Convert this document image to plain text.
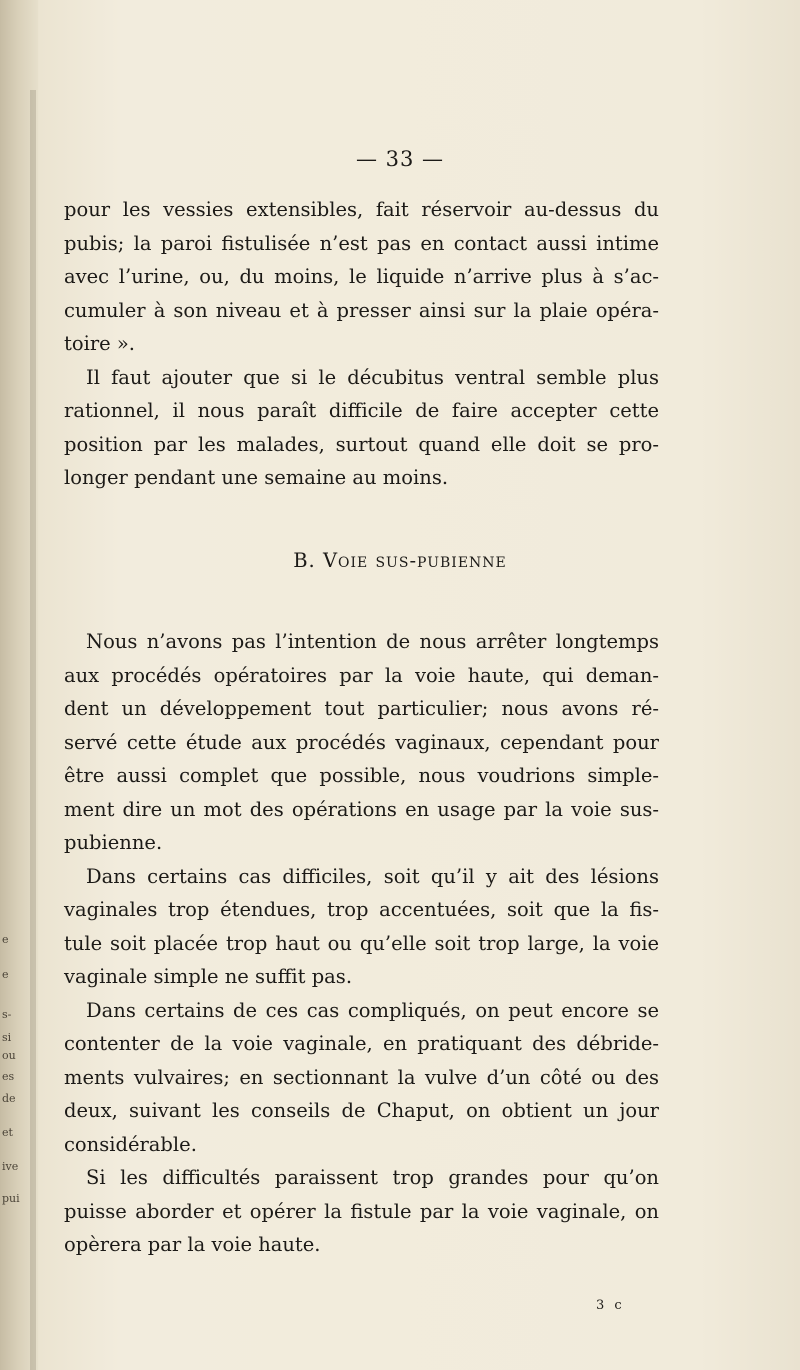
e
e
s-
si
ou
es
de
et
ive
pui
— 33 —
pour les vessies extensibles, fait réservoir au-dessus du
pubis; la paroi fistulisée n’est pas en contact aussi intime
avec l’urine, ou, du moins, le liquide n’arrive plus à s’ac-
cumuler à son niveau et à presser ainsi sur la plaie opéra-
toire ».
Il faut ajouter que si le décubitus ventral semble plus
rationnel, il nous paraît difficile de faire accepter cette
position par les malades, surtout quand elle doit se pro-
longer pendant une semaine au moins.
B. Voie sus-pubienne
Nous n’avons pas l’intention de nous arrêter longtemps
aux procédés opératoires par la voie haute, qui deman-
dent un développement tout particulier; nous avons ré-
servé cette étude aux procédés vaginaux, cependant pour
être aussi complet que possible, nous voudrions simple-
ment dire un mot des opérations en usage par la voie sus-
pubienne.
Dans certains cas difficiles, soit qu’il y ait des lésions
vaginales trop étendues, trop accentuées, soit que la fis-
tule soit placée trop haut ou qu’elle soit trop large, la voie
vaginale simple ne suffit pas.
Dans certains de ces cas compliqués, on peut encore se
contenter de la voie vaginale, en pratiquant des débride-
ments vulvaires; en sectionnant la vulve d’un côté ou des
deux, suivant les conseils de Chaput, on obtient un jour
considérable.
Si les difficultés paraissent trop grandes pour qu’on
puisse aborder et opérer la fistule par la voie vaginale, on
opèrera par la voie haute.
3 c
